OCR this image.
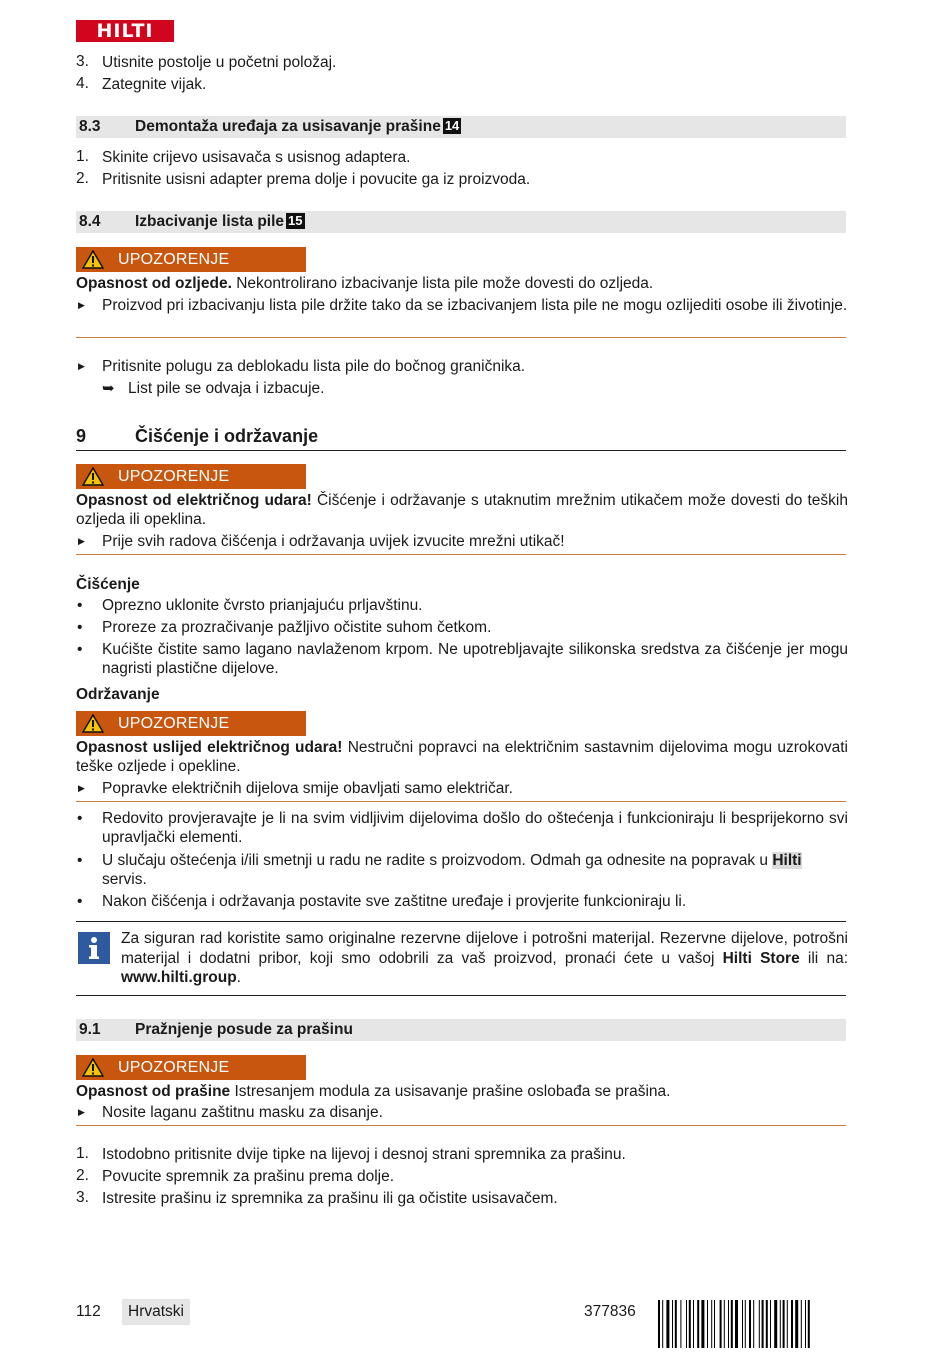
HILTI
3. Utisnite postolje u početni položaj.
4. Zategnite vijak.
8.3 Demontaža uređaja za usisavanje prašine 14
1. Skinite crijevo usisavača s usisnog adaptera.
2. Pritisnite usisni adapter prema dolje i povucite ga iz proizvoda.
8.4 Izbacivanje lista pile 15
UPOZORENJE
Opasnost od ozljede. Nekontrolirano izbacivanje lista pile može dovesti do ozljeda.
▶ Proizvod pri izbacivanju lista pile držite tako da se izbacivanjem lista pile ne mogu ozlijediti osobe ili životinje.
▶ Pritisnite polugu za deblokadu lista pile do bočnog graničnika.
➥ List pile se odvaja i izbacuje.
9	Čišćenje i održavanje
UPOZORENJE
Opasnost od električnog udara! Čišćenje i održavanje s utaknutim mrežnim utikačem može dovesti do teških ozljeda ili opeklina.
▶ Prije svih radova čišćenja i održavanja uvijek izvucite mrežni utikač!
Čišćenje
• Oprezno uklonite čvrsto prianjajuću prljavštinu.
• Proreze za prozračivanje pažljivo očistite suhom četkom.
• Kućište čistite samo lagano navlaženom krpom. Ne upotrebljavajte silikonska sredstva za čišćenje jer mogu nagristi plastične dijelove.
Održavanje
UPOZORENJE
Opasnost uslijed električnog udara! Nestručni popravci na električnim sastavnim dijelovima mogu uzrokovati teške ozljede i opekline.
▶ Popravke električnih dijelova smije obavljati samo električar.
• Redovito provjeravajte je li na svim vidljivim dijelovima došlo do oštećenja i funkcioniraju li besprijekorno svi upravljački elementi.
• U slučaju oštećenja i/ili smetnji u radu ne radite s proizvodom. Odmah ga odnesite na popravak u Hilti
servis.
• Nakon čišćenja i održavanja postavite sve zaštitne uređaje i provjerite funkcioniraju li.
Za siguran rad koristite samo originalne rezervne dijelove i potrošni materijal. Rezervne dijelove, potrošni materijal i dodatni pribor, koji smo odobrili za vaš proizvod, pronaći ćete u vašoj Hilti Store ili na: www.hilti.group.
9.1 Pražnjenje posude za prašinu
UPOZORENJE
Opasnost od prašine Istresanjem modula za usisavanje prašine oslobađa se prašina.
▶ Nosite laganu zaštitnu masku za disanje.
1. Istodobno pritisnite dvije tipke na lijevoj i desnoj strani spremnika za prašinu.
2. Povucite spremnik za prašinu prema dolje.
3. Istresite prašinu iz spremnika za prašinu ili ga očistite usisavačem.
112	Hrvatski	377836
